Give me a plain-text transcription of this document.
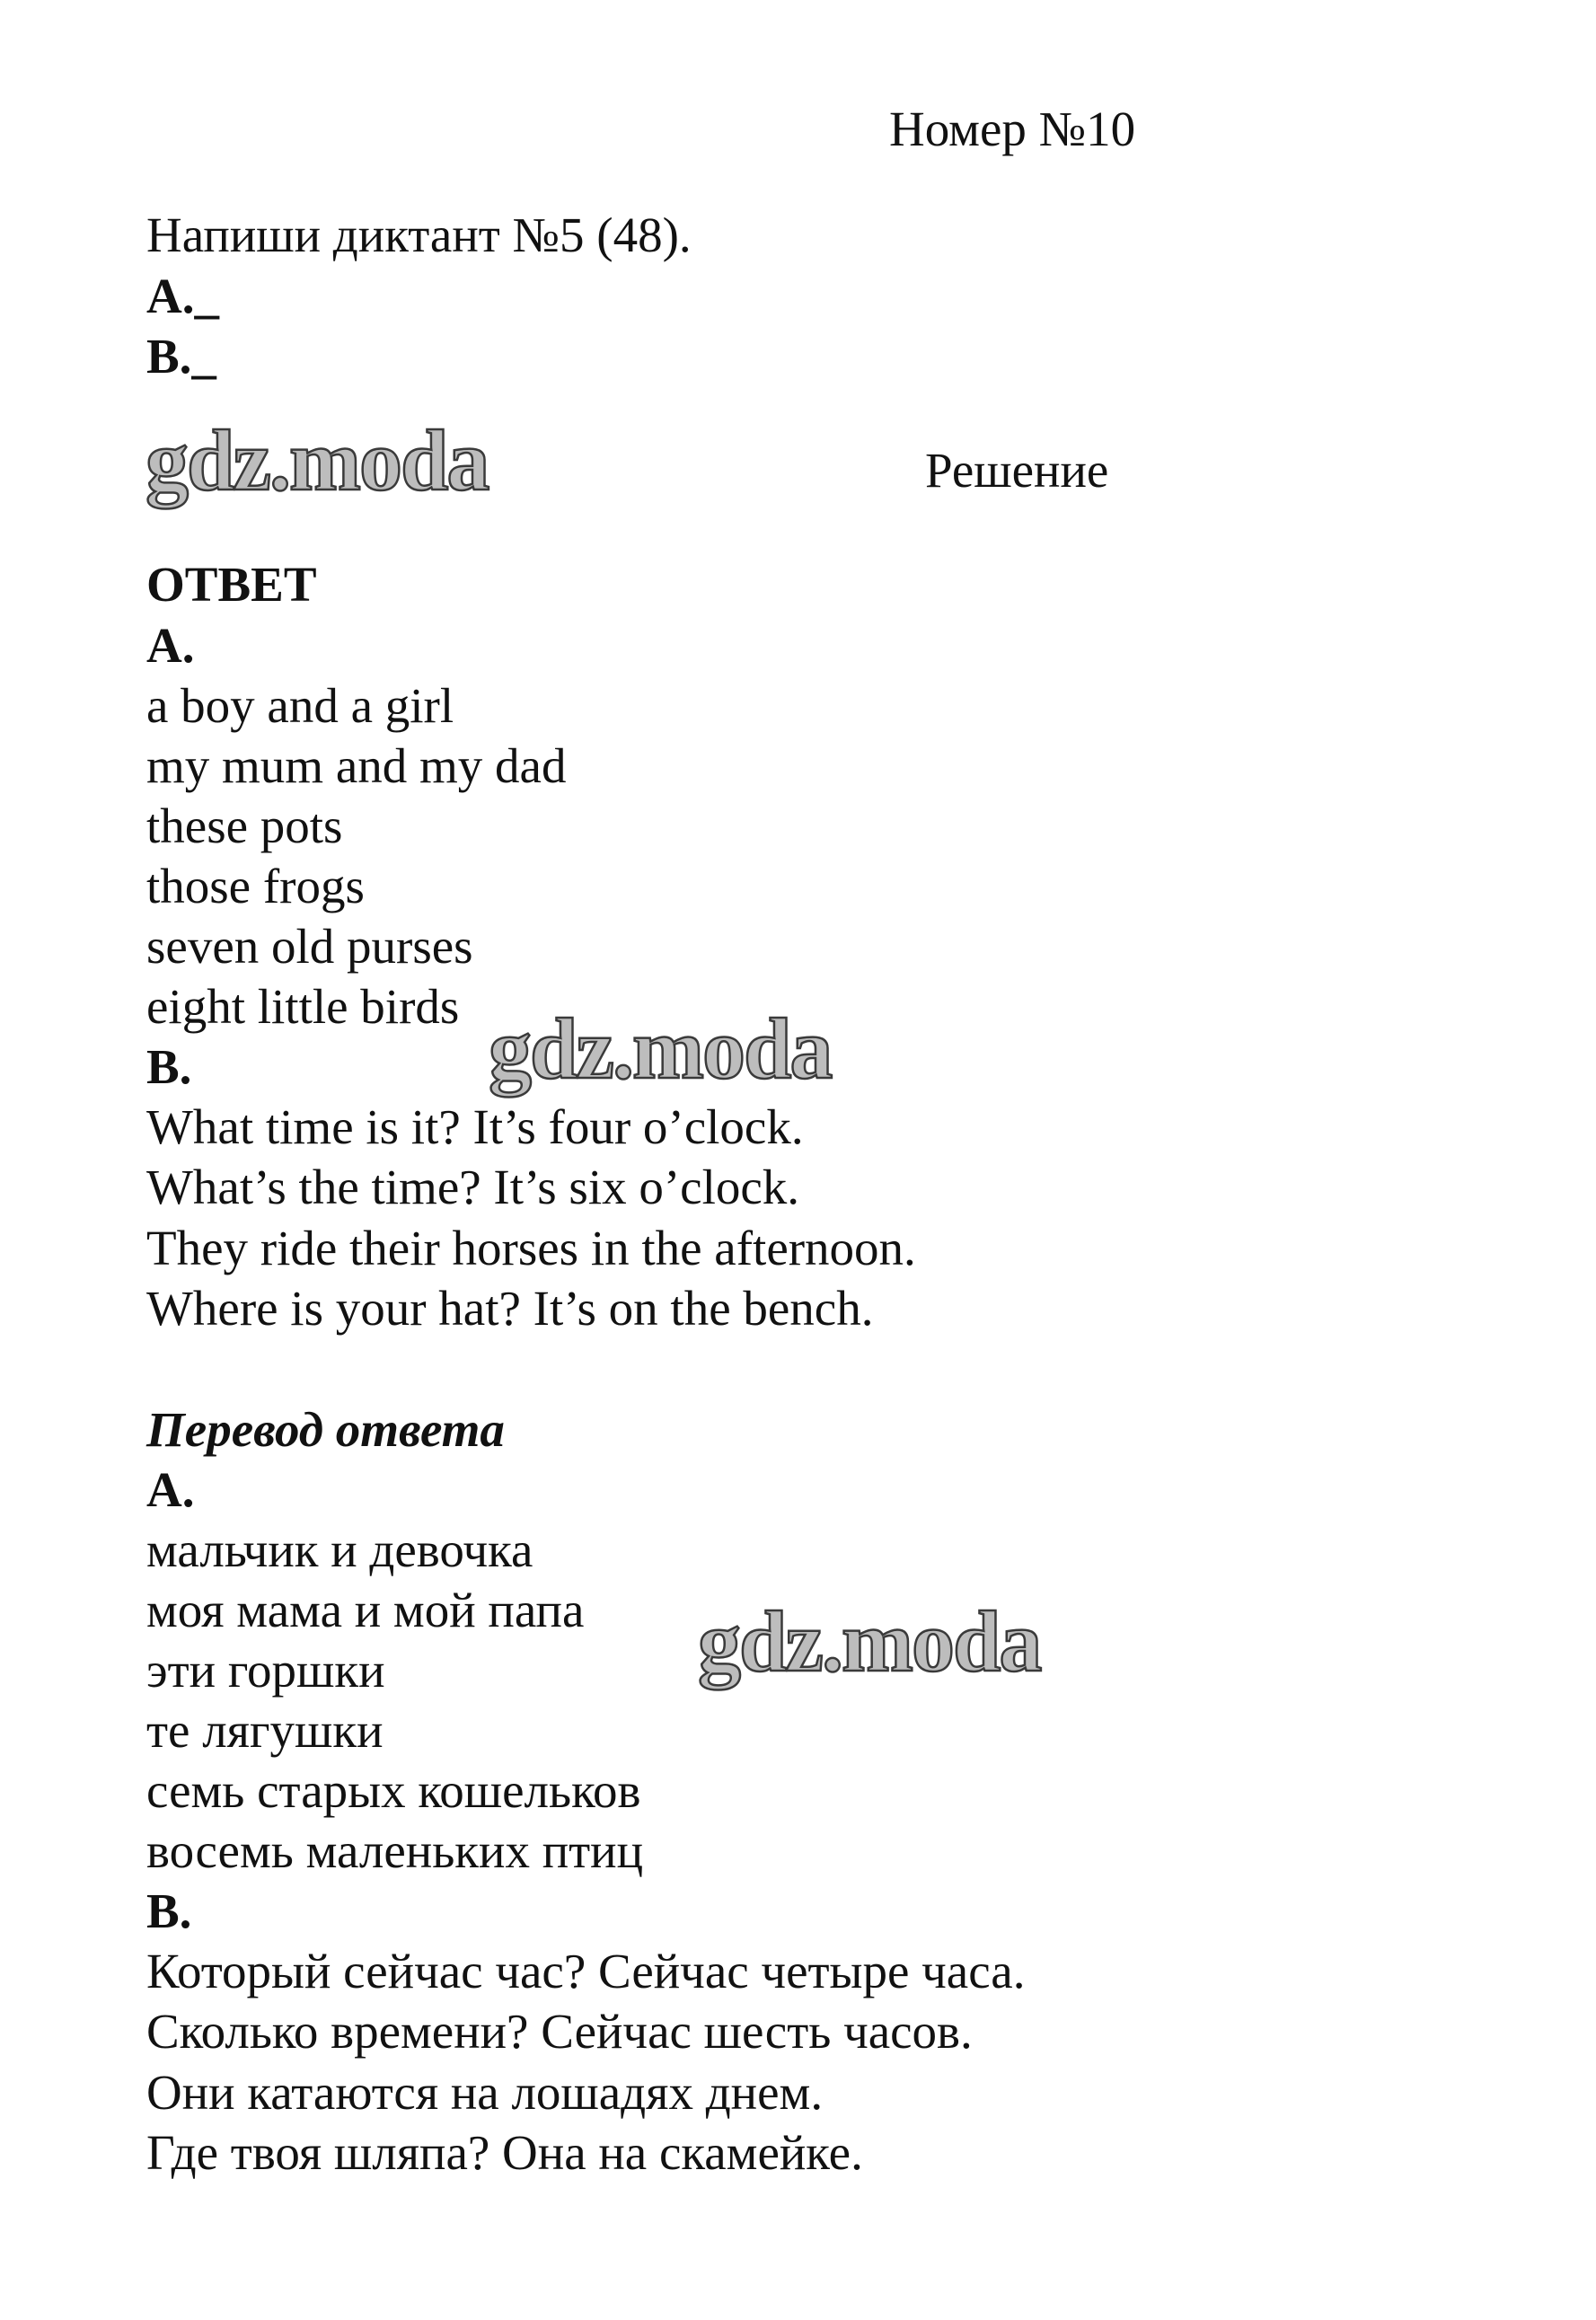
Номер №10
Напиши диктант №5 (48).
А._
В._
gdz.moda	Решение
ОТВЕТ
А.
a boy and a girl
my mum and my dad
these pots
those frogs
seven old purses
eight little birds gdz.moda
В.
What time is it? It’s four o’clock.
What’s the time? It’s six o’clock.
They ride their horses in the afternoon.
Where is your hat? It’s on the bench.
Перевод ответа
А.
мальчик и девочка
моя мама и мой папа
эти горшки
те лягушки
семь старых кошельков
восемь маленьких птиц
gdz.moda
В.
Который сейчас час? Сейчас четыре часа.
Сколько времени? Сейчас шесть часов.
Они катаются на лошадях днем.
Где твоя шляпа? Она на скамейке.
